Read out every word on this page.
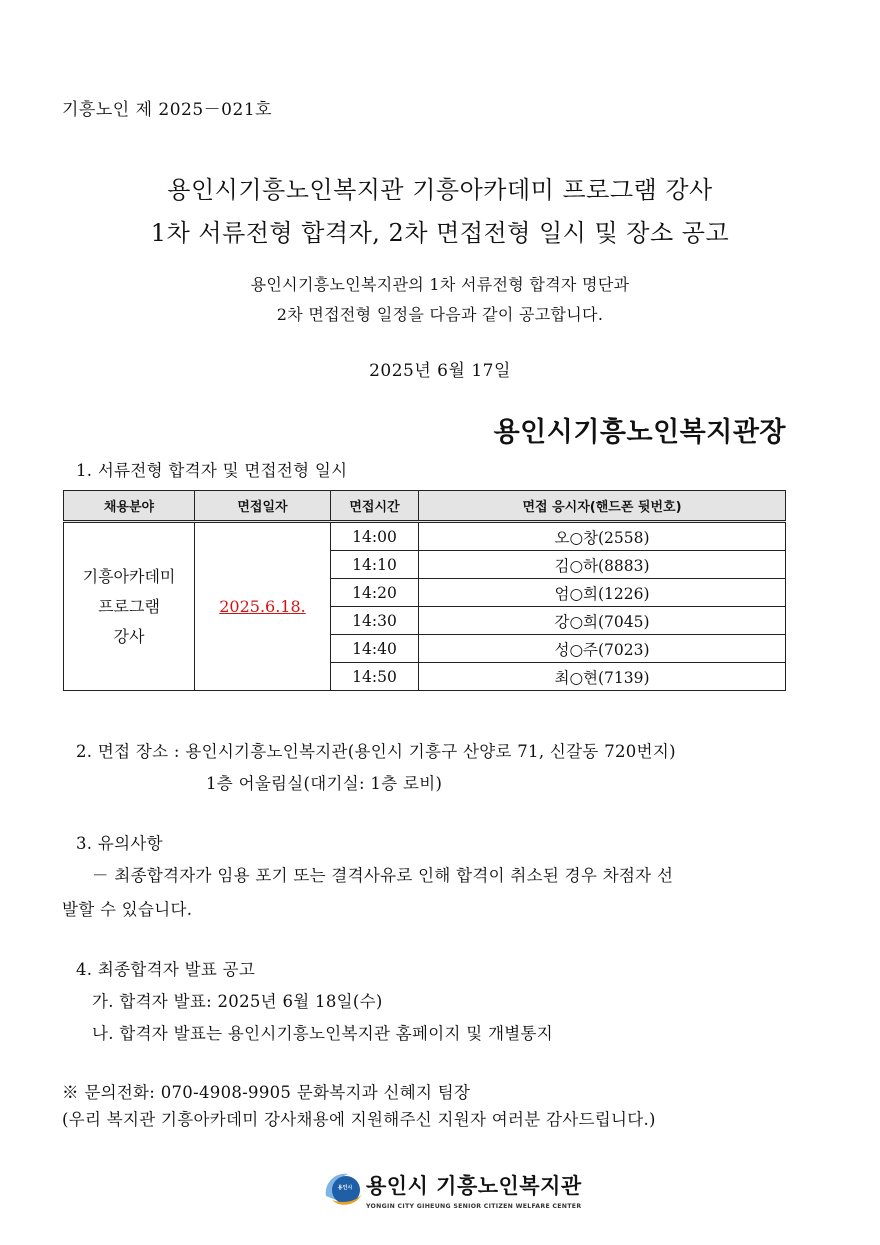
기흥노인 제 2025－021호
용인시기흥노인복지관 기흥아카데미 프로그램 강사
1차 서류전형 합격자, 2차 면접전형 일시 및 장소 공고
용인시기흥노인복지관의 1차 서류전형 합격자 명단과
2차 면접전형 일정을 다음과 같이 공고합니다.
2025년 6월 17일
용인시기흥노인복지관장
1. 서류전형 합격자 및 면접전형 일시
채용분야	면접일자	면접시간	면접 응시자(핸드폰 뒷번호)

기흥아카데미
프로그램
강사	2025.6.18.	14:00	오○창(2558)
		14:10	김○하(8883)
		14:20	엄○희(1226)
		14:30	강○희(7045)
		14:40	성○주(7023)
		14:50	최○현(7139)
2. 면접 장소 : 용인시기흥노인복지관(용인시 기흥구 산양로 71, 신갈동 720번지)
1층 어울림실(대기실: 1층 로비)
3. 유의사항
－ 최종합격자가 임용 포기 또는 결격사유로 인해 합격이 취소된 경우 차점자 선
발할 수 있습니다.
4. 최종합격자 발표 공고
가. 합격자 발표: 2025년 6월 18일(수)
나. 합격자 발표는 용인시기흥노인복지관 홈페이지 및 개별통지
※ 문의전화: 070-4908-9905 문화복지과 신혜지 팀장
(우리 복지관 기흥아카데미 강사채용에 지원해주신 지원자 여러분 감사드립니다.)
용인시 용인시 기흥노인복지관
YONGIN CITY GIHEUNG SENIOR CITIZEN WELFARE CENTER
